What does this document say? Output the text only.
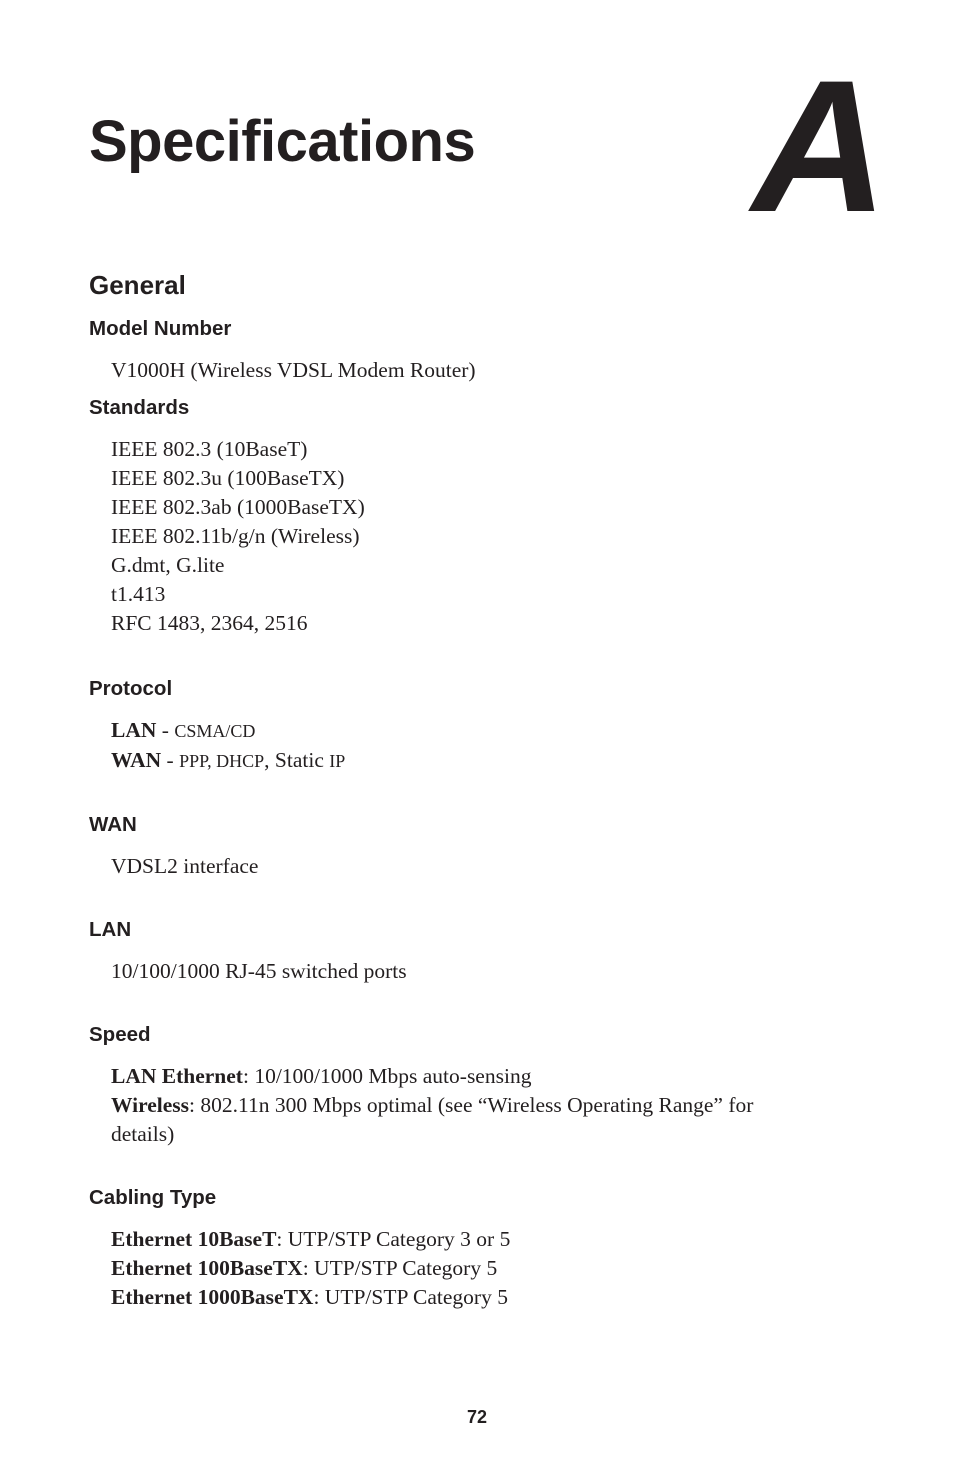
Specifications A
General
Model Number
V1000H (Wireless VDSL Modem Router)
Standards
IEEE 802.3 (10BaseT)
IEEE 802.3u (100BaseTX)
IEEE 802.3ab (1000BaseTX)
IEEE 802.11b/g/n (Wireless)
G.dmt, G.lite
t1.413
RFC 1483, 2364, 2516
Protocol
LAN - CSMA/CD
WAN - PPP, DHCP, Static IP
WAN
VDSL2 interface
LAN
10/100/1000 RJ-45 switched ports
Speed
LAN Ethernet: 10/100/1000 Mbps auto-sensing
Wireless: 802.11n 300 Mbps optimal (see “Wireless Operating Range” for details)
Cabling Type
Ethernet 10BaseT: UTP/STP Category 3 or 5
Ethernet 100BaseTX: UTP/STP Category 5
Ethernet 1000BaseTX: UTP/STP Category 5
72
